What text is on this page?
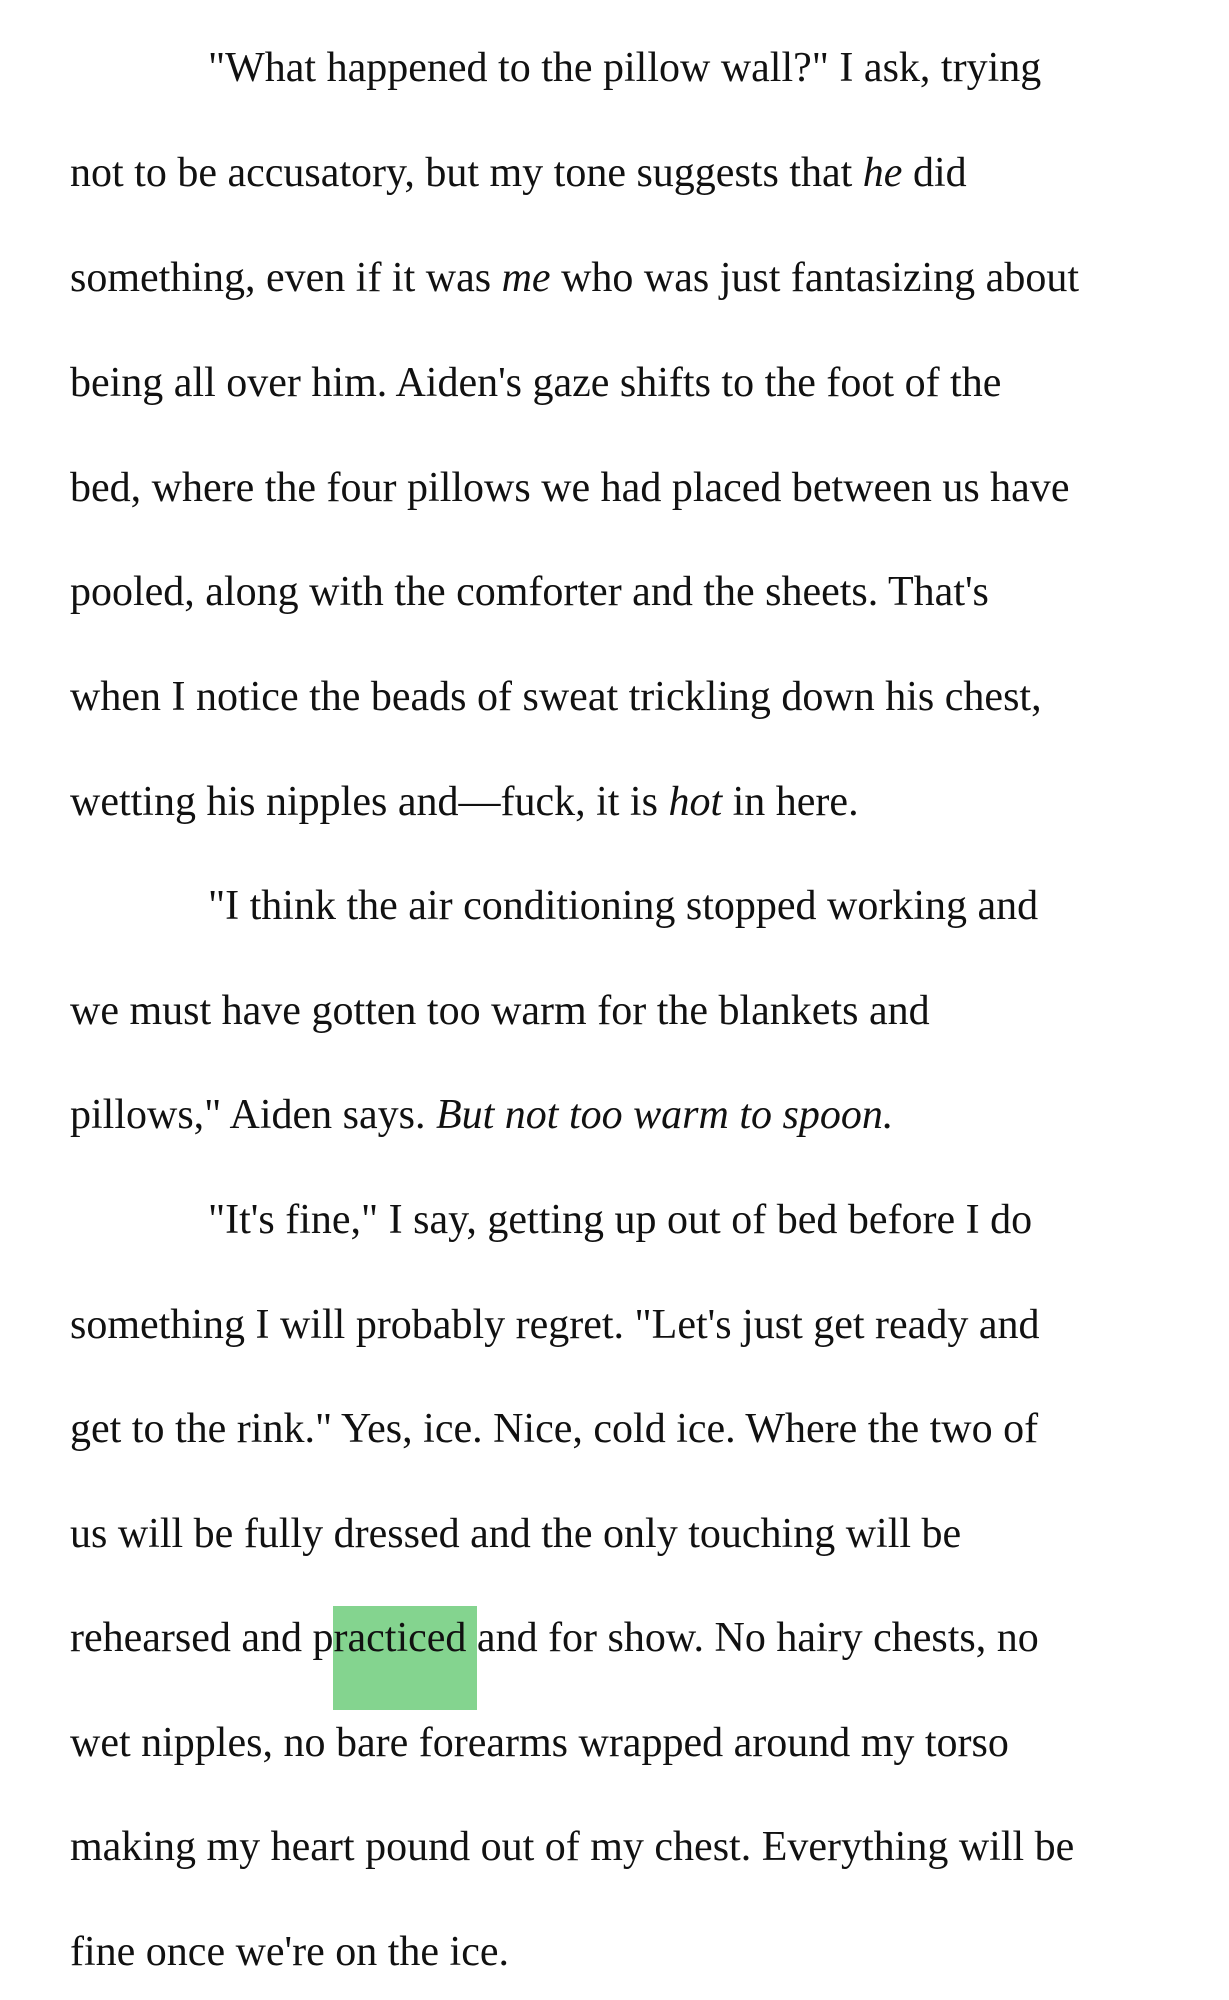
"What happened to the pillow wall?" I ask, trying

not to be accusatory, but my tone suggests that he did

something, even if it was me who was just fantasizing about

being all over him. Aiden's gaze shifts to the foot of the

bed, where the four pillows we had placed between us have

pooled, along with the comforter and the sheets. That's

when I notice the beads of sweat trickling down his chest,

wetting his nipples and—fuck, it is hot in here.

"I think the air conditioning stopped working and

we must have gotten too warm for the blankets and

pillows," Aiden says. But not too warm to spoon.

"It's fine," I say, getting up out of bed before I do

something I will probably regret. "Let's just get ready and

get to the rink." Yes, ice. Nice, cold ice. Where the two of

us will be fully dressed and the only touching will be

rehearsed and practiced and for show. No hairy chests, no

wet nipples, no bare forearms wrapped around my torso

making my heart pound out of my chest. Everything will be

fine once we're on the ice.
